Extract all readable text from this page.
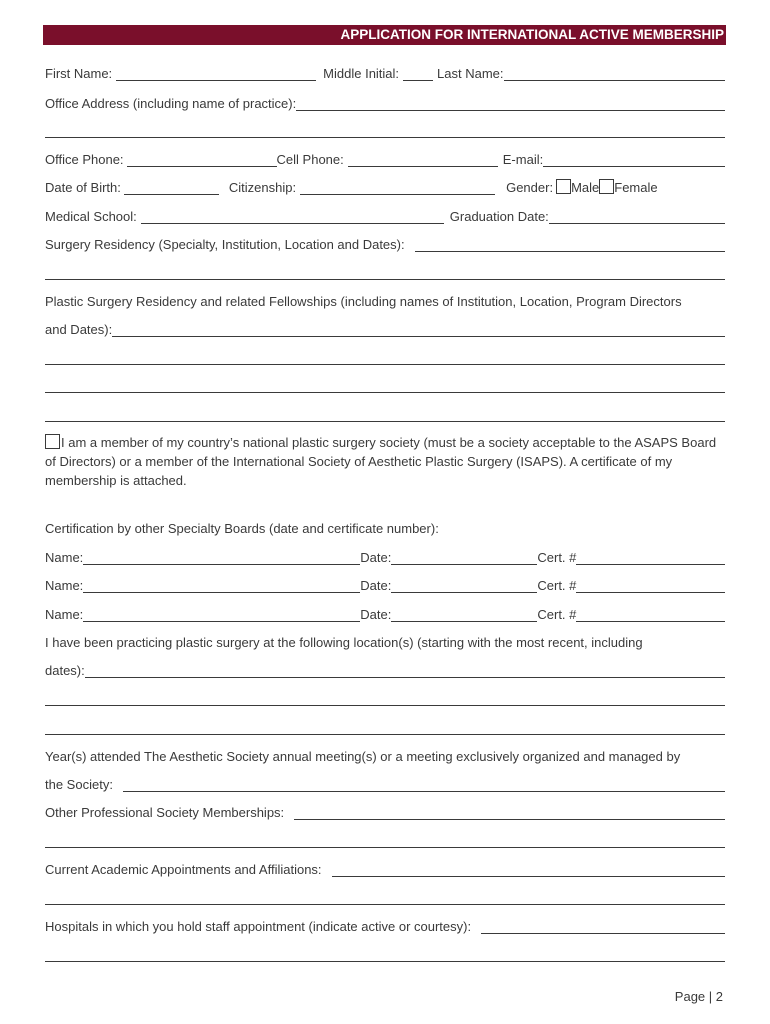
APPLICATION FOR INTERNATIONAL ACTIVE MEMBERSHIP
First Name:	Middle Initial:	Last Name:
Office Address (including name of practice):
Office Phone:	Cell Phone:	E-mail:
Date of Birth:	Citizenship:	Gender: Male Female
Medical School:	Graduation Date:
Surgery Residency (Specialty, Institution, Location and Dates):
Plastic Surgery Residency and related Fellowships (including names of Institution, Location, Program Directors
and Dates):
I am a member of my country’s national plastic surgery society (must be a society acceptable to the ASAPS Board of Directors) or a member of the International Society of Aesthetic Plastic Surgery (ISAPS). A certificate of my membership is attached.
Certification by other Specialty Boards (date and certificate number):
Name:	Date:	Cert. #
Name:	Date:	Cert. #
Name:	Date:	Cert. #
I have been practicing plastic surgery at the following location(s) (starting with the most recent, including
dates):
Year(s) attended The Aesthetic Society annual meeting(s) or a meeting exclusively organized and managed by
the Society:
Other Professional Society Memberships:
Current Academic Appointments and Affiliations:
Hospitals in which you hold staff appointment (indicate active or courtesy):
Page | 2
